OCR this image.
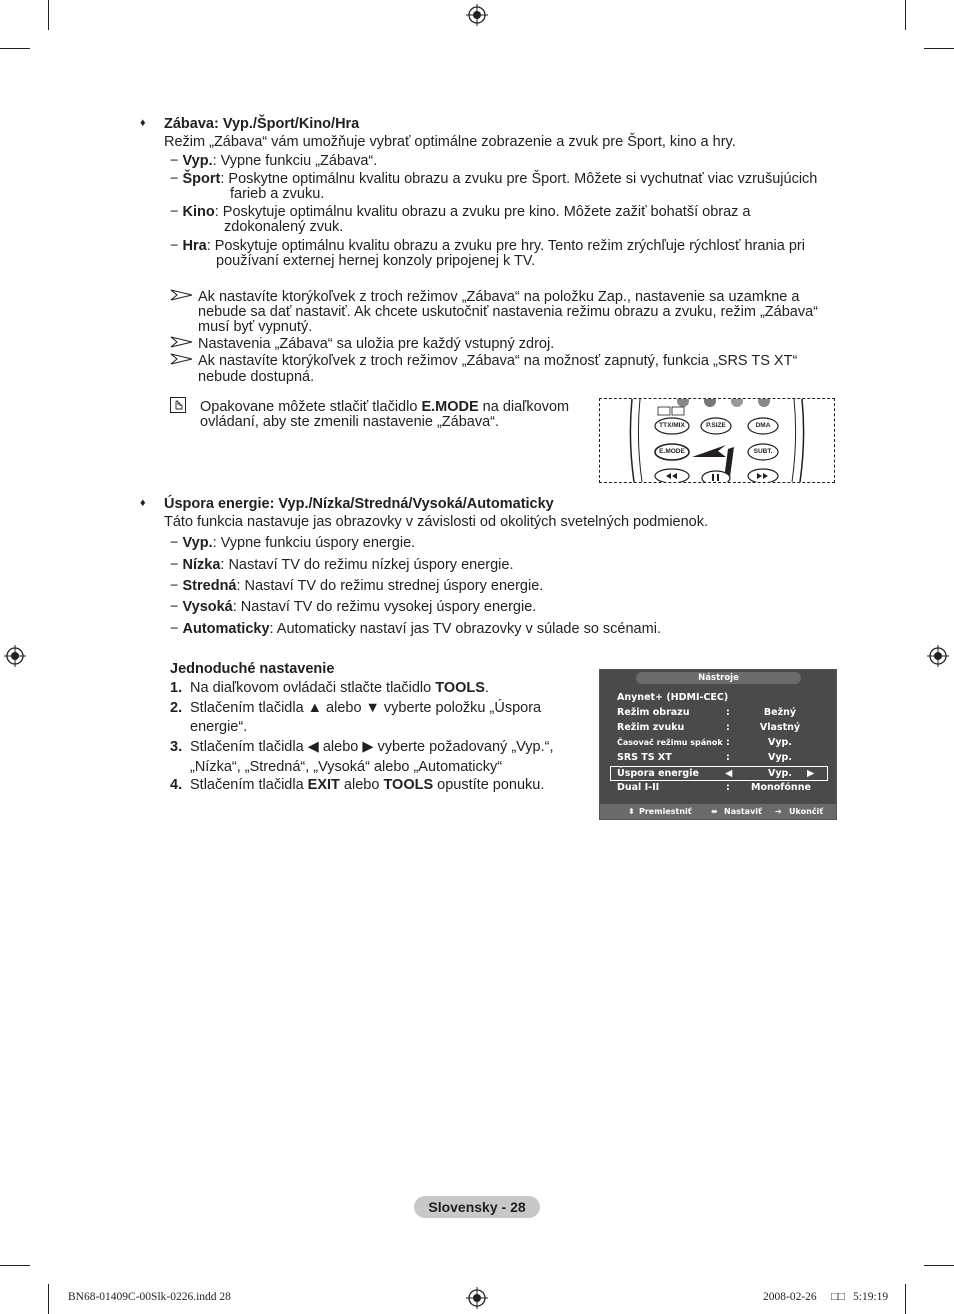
♦ Zábava: Vyp./Šport/Kino/Hra
Režim „Zábava“ vám umožňuje vybrať optimálne zobrazenie a zvuk pre Šport, kino a hry.
− Vyp.: Vypne funkciu „Zábava“.
− Šport: Poskytne optimálnu kvalitu obrazu a zvuku pre Šport. Môžete si vychutnať viac vzrušujúcich
farieb a zvuku.
− Kino: Poskytuje optimálnu kvalitu obrazu a zvuku pre kino. Môžete zažiť bohatší obraz a
zdokonalený zvuk.
− Hra: Poskytuje optimálnu kvalitu obrazu a zvuku pre hry. Tento režim zrýchľuje rýchlosť hrania pri
používaní externej hernej konzoly pripojenej k TV.
Ak nastavíte ktorýkoľvek z troch režimov „Zábava“ na položku Zap., nastavenie sa uzamkne a
nebude sa dať nastaviť. Ak chcete uskutočniť nastavenia režimu obrazu a zvuku, režim „Zábava“
musí byť vypnutý.
Nastavenia „Zábava“ sa uložia pre každý vstupný zdroj.
Ak nastavíte ktorýkoľvek z troch režimov „Zábava“ na možnosť zapnutý, funkcia „SRS TS XT“
nebude dostupná.
Opakovane môžete stlačiť tlačidlo E.MODE na diaľkovom
ovládaní, aby ste zmenili nastavenie „Zábava“.	TTX/MIX	P.SIZE	DMA
E.MODE	SUBT.
♦ Úspora energie: Vyp./Nízka/Stredná/Vysoká/Automaticky
Táto funkcia nastavuje jas obrazovky v závislosti od okolitých svetelných podmienok.
− Vyp.: Vypne funkciu úspory energie.
− Nízka: Nastaví TV do režimu nízkej úspory energie.
− Stredná: Nastaví TV do režimu strednej úspory energie.
− Vysoká: Nastaví TV do režimu vysokej úspory energie.
− Automaticky: Automaticky nastaví jas TV obrazovky v súlade so scénami.
Jednoduché nastavenie
1. Na diaľkovom ovládači stlačte tlačidlo TOOLS.
2. Stlačením tlačidla ▲ alebo ▼ vyberte položku „Úspora
energie“.
3. Stlačením tlačidla ◀ alebo ▶ vyberte požadovaný „Vyp.“,
„Nízka“, „Stredná“, „Vysoká“ alebo „Automaticky“
4. Stlačením tlačidla EXIT alebo TOOLS opustíte ponuku.
Nástroje
Anynet+ (HDMI-CEC)
Režim obrazu	:	Bežný
Režim zvuku	:	Vlastný
Časovač režimu spánok :	Vyp.
SRS TS XT	:	Vyp.
Úspora energie	◀	Vyp.	▶
Dual I-II	: Monofónne
⬍ Premiestniť ⬌ Nastaviť ➔ Ukončiť
Slovensky - 28
BN68-01409C-00Slk-0226.indd 28	2008-02-26 □□ 5:19:19
